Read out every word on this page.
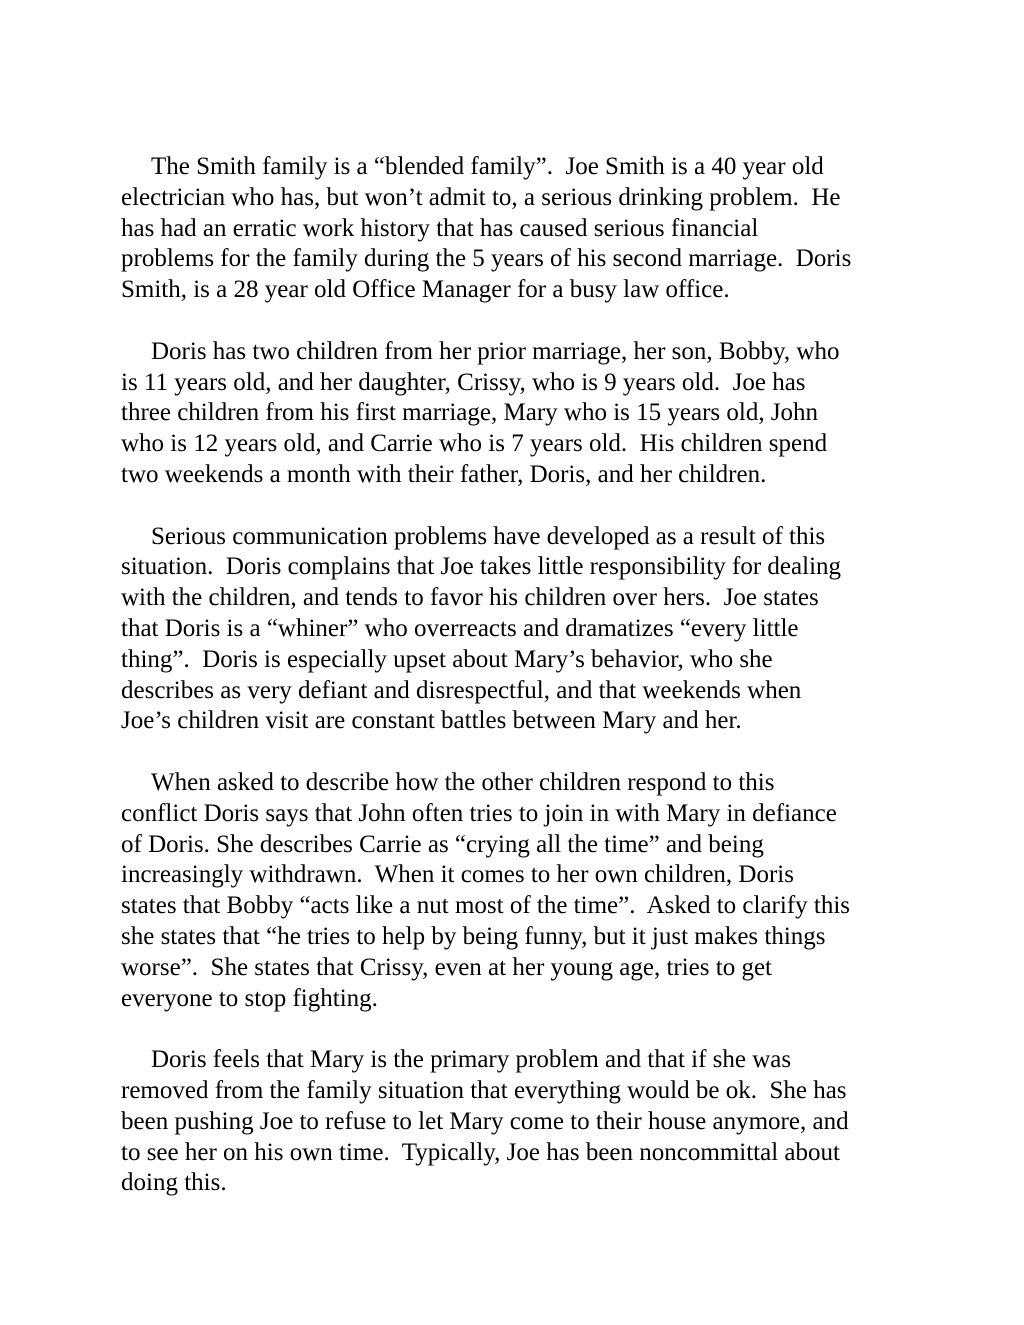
The Smith family is a “blended family”.  Joe Smith is a 40 year old
electrician who has, but won’t admit to, a serious drinking problem.  He
has had an erratic work history that has caused serious financial
problems for the family during the 5 years of his second marriage.  Doris
Smith, is a 28 year old Office Manager for a busy law office.

Doris has two children from her prior marriage, her son, Bobby, who
is 11 years old, and her daughter, Crissy, who is 9 years old.  Joe has
three children from his first marriage, Mary who is 15 years old, John
who is 12 years old, and Carrie who is 7 years old.  His children spend
two weekends a month with their father, Doris, and her children.

Serious communication problems have developed as a result of this
situation.  Doris complains that Joe takes little responsibility for dealing
with the children, and tends to favor his children over hers.  Joe states
that Doris is a “whiner” who overreacts and dramatizes “every little
thing”.  Doris is especially upset about Mary’s behavior, who she
describes as very defiant and disrespectful, and that weekends when
Joe’s children visit are constant battles between Mary and her.

When asked to describe how the other children respond to this
conflict Doris says that John often tries to join in with Mary in defiance
of Doris. She describes Carrie as “crying all the time” and being
increasingly withdrawn.  When it comes to her own children, Doris
states that Bobby “acts like a nut most of the time”.  Asked to clarify this
she states that “he tries to help by being funny, but it just makes things
worse”.  She states that Crissy, even at her young age, tries to get
everyone to stop fighting.

Doris feels that Mary is the primary problem and that if she was
removed from the family situation that everything would be ok.  She has
been pushing Joe to refuse to let Mary come to their house anymore, and
to see her on his own time.  Typically, Joe has been noncommittal about
doing this.
